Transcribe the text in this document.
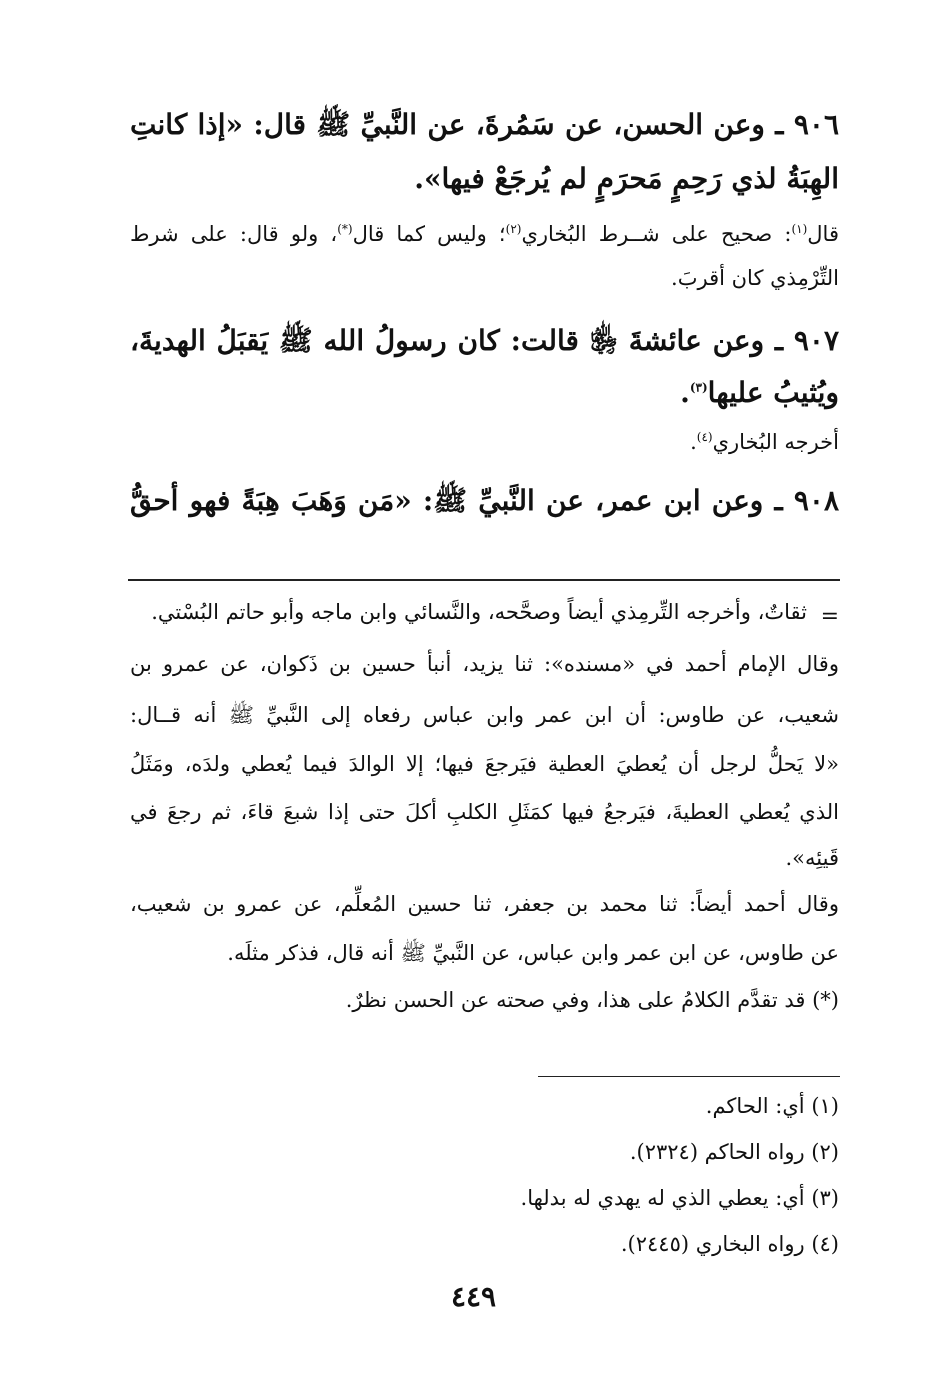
٩٠٦ ـ وعن الحسن، عن سَمُرةَ، عن النَّبيِّ ﷺ قال: «إذا كانتِ
الهِبَةُ لذي رَحِمٍ مَحرَمٍ لم يُرجَعْ فيها».
قال$^{(١)}$: صحيح على شــرط البُخاري$^{(٢)}$؛ وليس كما قال(*)، ولو قال: على شرط
التِّرْمِذي كان أقربَ.
٩٠٧ ـ وعن عائشةَ ﵂ قالت: كان رسولُ الله ﷺ يَقبَلُ الهديةَ،
ويُثيبُ عليها$^{(٣)}$.
أخرجه البُخاري$^{(٤)}$.
٩٠٨ ـ وعن ابن عمر، عن النَّبيِّ ﷺ: «مَن وَهَبَ هِبَةً فهو أحقُّ
=
ثقاتٌ، وأخرجه التِّرمِذي أيضاً وصحَّحه، والنَّسائي وابن ماجه وأبو حاتم البُسْتي.
وقال الإمام أحمد في «مسنده»: ثنا يزيد، أنبأ حسين بن ذَكوان، عن عمرو بن
شعيب، عن طاوس: أن ابن عمر وابن عباس رفعاه إلى النَّبيِّ ﷺ أنه قــال:
«لا يَحلُّ لرجل أن يُعطيَ العطية فيَرجعَ فيها؛ إلا الوالدَ فيما يُعطي ولدَه، ومَثَلُ
الذي يُعطي العطيةَ، فيَرجعُ فيها كمَثَلِ الكلبِ أكلَ حتى إذا شبعَ قاءَ، ثم رجعَ في
قَيئِه».
وقال أحمد أيضاً: ثنا محمد بن جعفر، ثنا حسين المُعلِّم، عن عمرو بن شعيب،
عن طاوس، عن ابن عمر وابن عباس، عن النَّبيِّ ﷺ أنه قال، فذكر مثلَه.
(*) قد تقدَّم الكلامُ على هذا، وفي صحته عن الحسن نظرٌ.
(١) أي: الحاكم.
(٢) رواه الحاكم (٢٣٢٤).
(٣) أي: يعطي الذي له يهدي له بدلها.
(٤) رواه البخاري (٢٤٤٥).
٤٤٩
